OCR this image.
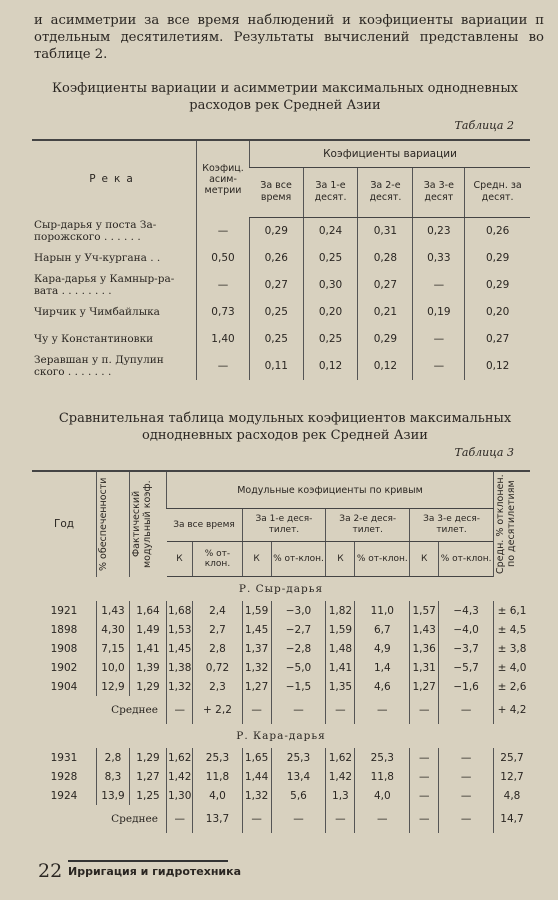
и асимметрии за все время наблюдений и коэфициенты вариации п отдельным десятилетиям. Результаты вычислений представлены во таблице 2.
Коэфициенты вариации и асимметрии максимальных однодневных расходов рек Средней Азии
Таблица 2
Река	Коэфиц. асим-метрии	Коэфициенты вариации				
		За все время	За 1-е десят.	За 2-е десят.	За 3-е десят	Средн. за десят.
Сыр-дарья у поста За-порожского . . . . . .	—	0,29	0,24	0,31	0,23	0,26
Нарын у Уч-кургана . .	0,50	0,26	0,25	0,28	0,33	0,29
Кара-дарья у Камныр-ра-вата . . . . . . . .	—	0,27	0,30	0,27	—	0,29
Чирчик у Чимбайлыка	0,73	0,25	0,20	0,21	0,19	0,20
Чу у Константиновки	1,40	0,25	0,25	0,29	—	0,27
Зеравшан у п. Дупулин ского . . . . . . .	—	0,11	0,12	0,12	—	0,12
Сравнительная таблица модульных коэфициентов максимальных однодневных расходов рек Средней Азии
Таблица 3
Год	% обеспеченности	Фактический модульный коэф.	Модульные коэфициенты по кривым								Средн. % отклонен. по десятилетиям

			За все время		За 1-е деся-тилет.		За 2-е деся-тилет.		За 3-е деся-тилет.		
			К	% от-клон.	К	% от-клон.	К	% от-клон.	К	% от-клон.	
Р. Сыр-дарья											
1921	1,43	1,64	1,68	2,4	1,59	−3,0	1,82	11,0	1,57	−4,3	± 6,1
1898	4,30	1,49	1,53	2,7	1,45	−2,7	1,59	6,7	1,43	−4,0	± 4,5
1908	7,15	1,41	1,45	2,8	1,37	−2,8	1,48	4,9	1,36	−3,7	± 3,8
1902	10,0	1,39	1,38	0,72	1,32	−5,0	1,41	1,4	1,31	−5,7	± 4,0
1904	12,9	1,29	1,32	2,3	1,27	−1,5	1,35	4,6	1,27	−1,6	± 2,6
Среднее			—	+ 2,2	—	—	—	—	—	—	+ 4,2
Р. Кара-дарья											
1931	2,8	1,29	1,62	25,3	1,65	25,3	1,62	25,3	—	—	25,7
1928	8,3	1,27	1,42	11,8	1,44	13,4	1,42	11,8	—	—	12,7
1924	13,9	1,25	1,30	4,0	1,32	5,6	1,3	4,0	—	—	4,8
Среднее			—	13,7	—	—	—	—	—	—	14,7
22 Ирригация и гидротехника
